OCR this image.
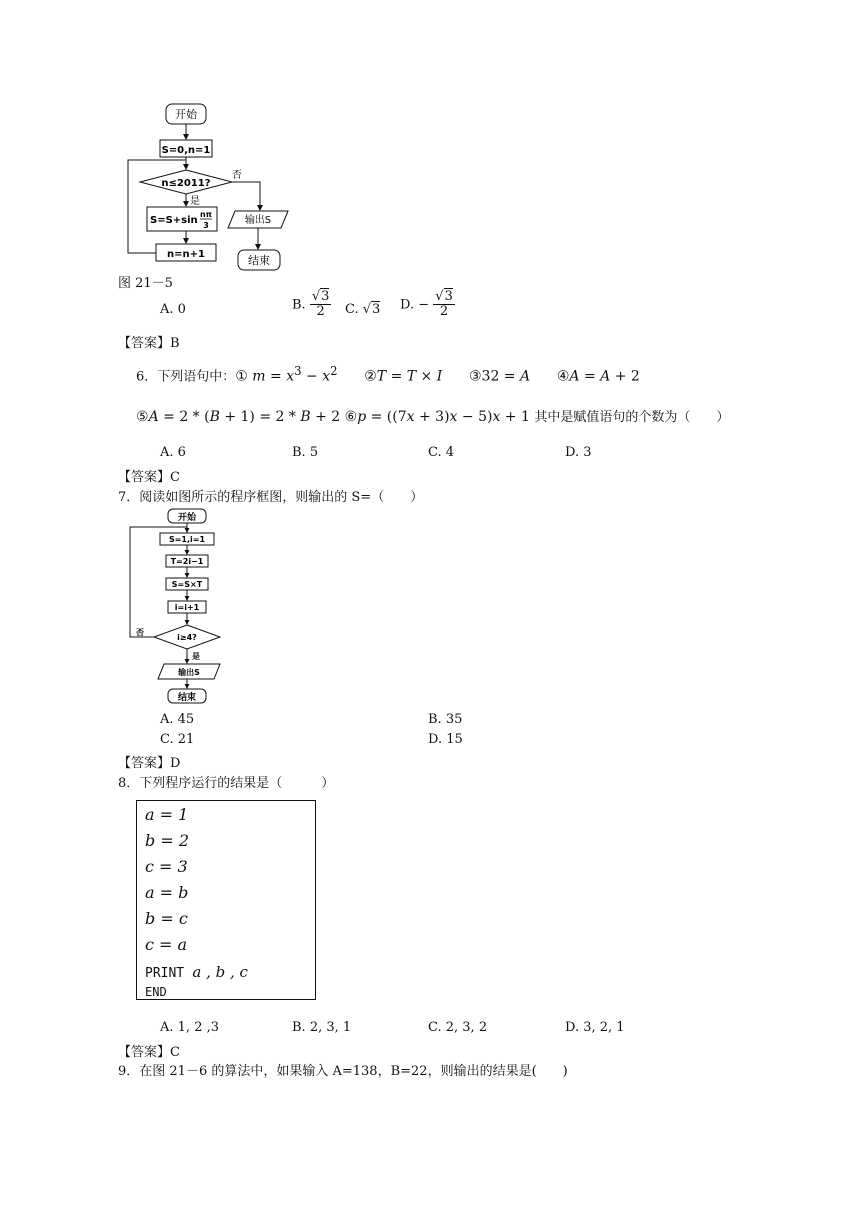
开始
S=0,n=1
n≤2011?
否
是
S=S+sin
nπ
3
n=n+1
输出S
结束
图 21－5
A. 0	B. $\frac{√3}{2} C$. √3 D. − $\frac{√3}{2}$
【答案】B
6．下列语句中：① $m = x^3 - x^2$ ②T = T × I ③32 = A ④A = A + 2
⑤A = 2 * (B + 1) = 2 * B + 2 ⑥p = ((7x + 3)x − 5)x + 1 其中是赋值语句的个数为（　　）
A. 6	B. 5	C. 4	D. 3
【答案】C
7．阅读如图所示的程序框图，则输出的 S=（　　）
开始
S=1,i=1
T=2i−1
S=S×T
i=i+1
i≥4?
否
是
输出S
结束
A. 45	B. 35
C. 21	D. 15
【答案】D
8．下列程序运行的结果是（　　　）
a = 1
b = 2
c = 3
a = b
b = c
c = a
PRINT a , b , c
END
A. 1, 2 ,3	B. 2, 3, 1	C. 2, 3, 2	D. 3, 2, 1
【答案】C
9．在图 21－6 的算法中，如果输入 A=138，B=22，则输出的结果是(　　)
